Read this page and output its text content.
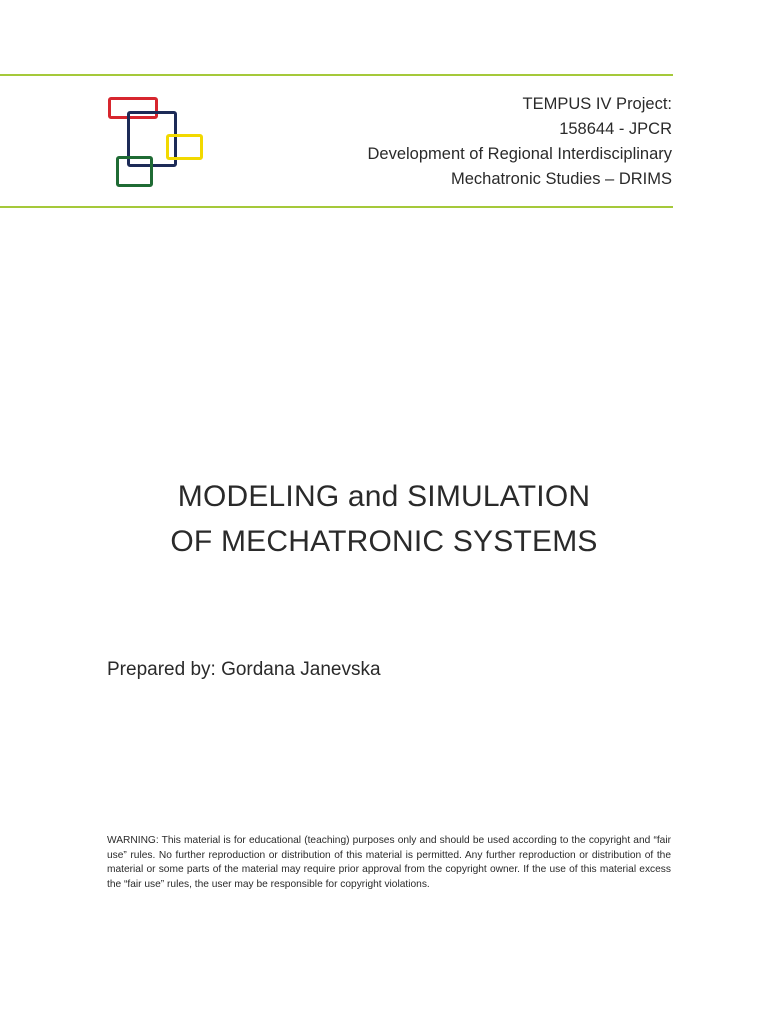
TEMPUS IV Project:
158644 - JPCR
Development of Regional Interdisciplinary
Mechatronic Studies – DRIMS
MODELING and SIMULATION
OF MECHATRONIC SYSTEMS
Prepared by: Gordana Janevska
WARNING: This material is for educational (teaching) purposes only and should be used according to the copyright and “fair use” rules. No further reproduction or distribution of this material is permitted. Any further reproduction or distribution of the material or some parts of the material may require prior approval from the copyright owner. If the use of this material excess the “fair use” rules, the user may be responsible for copyright violations.
